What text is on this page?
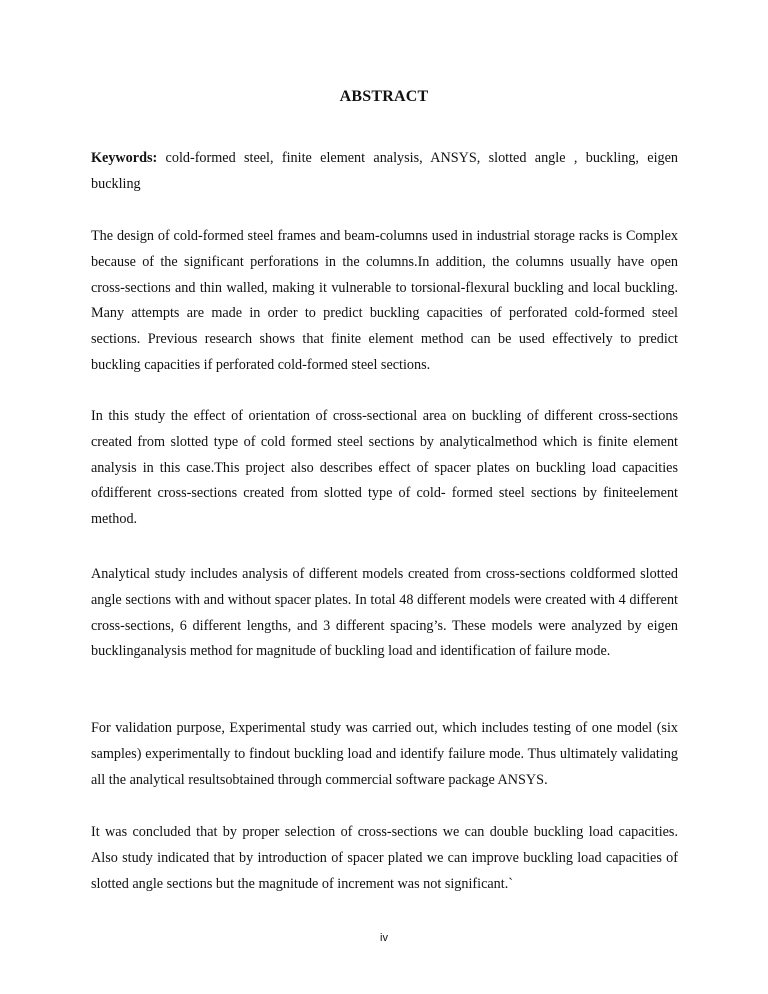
ABSTRACT
Keywords: cold-formed steel, finite element analysis, ANSYS, slotted angle , buckling, eigen buckling
The design of cold-formed steel frames and beam-columns used in industrial storage racks is Complex because of the significant perforations in the columns.In addition, the columns usually have open cross-sections and thin walled, making it vulnerable to torsional-flexural buckling and local buckling. Many attempts are made in order to predict buckling capacities of perforated cold-formed steel sections. Previous research shows that finite element method can be used effectively to predict buckling capacities if perforated cold-formed steel sections.
In this study the effect of orientation of cross-sectional area on buckling of different cross-sections created from slotted type of cold formed steel sections by analyticalmethod which is finite element analysis in this case.This project also describes effect of spacer plates on buckling load capacities ofdifferent cross-sections created from slotted type of cold- formed steel sections by finiteelement method.
Analytical study includes analysis of different models created from cross-sections coldformed slotted angle sections with and without spacer plates. In total 48 different models were created with 4 different cross-sections, 6 different lengths, and 3 different spacing’s. These models were analyzed by eigen bucklinganalysis method for magnitude of buckling load and identification of failure mode.
For validation purpose, Experimental study was carried out, which includes testing of one model (six samples) experimentally to findout buckling load and identify failure mode. Thus ultimately validating all the analytical resultsobtained through commercial software package ANSYS.
It was concluded that by proper selection of cross-sections we can double buckling load capacities. Also study indicated that by introduction of spacer plated we can improve buckling load capacities of slotted angle sections but the magnitude of increment was not significant.`
iv
